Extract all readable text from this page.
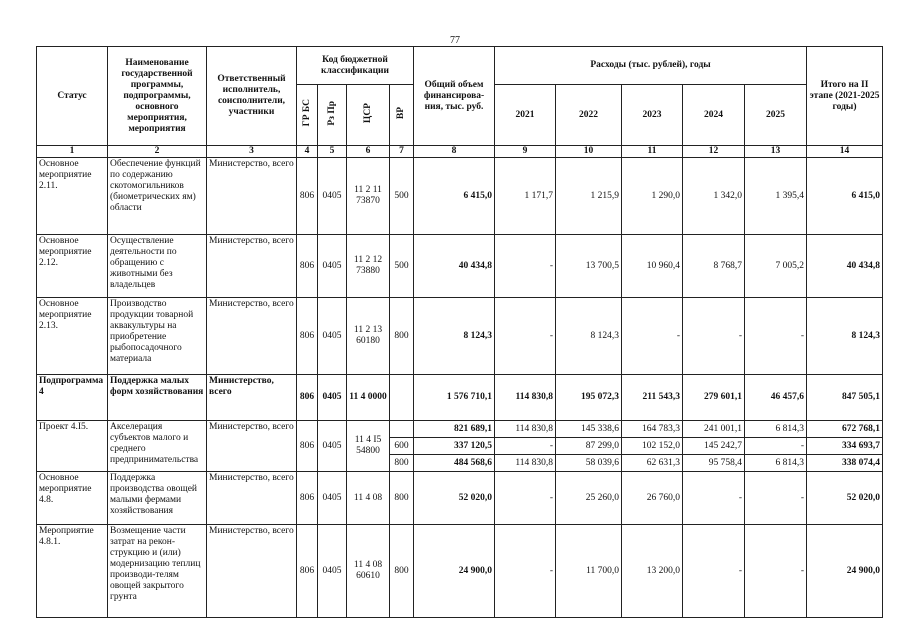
77
Статус	Наименование государственной программы, подпрограммы, основного мероприятия, мероприятия	Ответственный исполнитель, соисполнители, участники	Код бюджетной классификации				Общий объем финансирова-ния, тыс. руб.	Расходы (тыс. рублей), годы					Итого на II этапе (2021-2025 годы)
			ГР БС	Рз Пр	ЦСР	ВР		2021	2022	2023	2024	2025	
1	2	3	4	5	6	7	8	9	10	11	12	13	14
Основное мероприятие 2.11.	Обеспечение функций по содержанию скотомогильников (биометрических ям) области	Министерство, всего	806	0405	11 2 11 73870	500	6 415,0	1 171,7	1 215,9	1 290,0	1 342,0	1 395,4	6 415,0
Основное мероприятие 2.12.	Осуществление деятельности по обращению с животными без владельцев	Министерство, всего	806	0405	11 2 12 73880	500	40 434,8	-	13 700,5	10 960,4	8 768,7	7 005,2	40 434,8
Основное мероприятие 2.13.	Производство продукции товарной аквакультуры на приобретение рыбопосадочного материала	Министерство, всего	806	0405	11 2 13 60180	800	8 124,3	-	8 124,3	-	-	-	8 124,3
Подпрограмма 4	Поддержка малых форм хозяйствования	Министерство, всего	806	0405	11 4 0000		1 576 710,1	114 830,8	195 072,3	211 543,3	279 601,1	46 457,6	847 505,1
Проект 4.I5.	Акселерация субъектов малого и среднего предпринимательства	Министерство, всего	806	0405	11 4 I5 54800		821 689,1	114 830,8	145 338,6	164 783,3	241 001,1	6 814,3	672 768,1
						600	337 120,5	-	87 299,0	102 152,0	145 242,7	-	334 693,7
						800	484 568,6	114 830,8	58 039,6	62 631,3	95 758,4	6 814,3	338 074,4
Основное мероприятие 4.8.	Поддержка производства овощей малыми фермами хозяйствования	Министерство, всего	806	0405	11 4 08	800	52 020,0	-	25 260,0	26 760,0	-	-	52 020,0
Мероприятие 4.8.1.	Возмещение части затрат на рекон-струкцию и (или) модернизацию теплиц производи-телям овощей закрытого грунта	Министерство, всего	806	0405	11 4 08 60610	800	24 900,0	-	11 700,0	13 200,0	-	-	24 900,0
